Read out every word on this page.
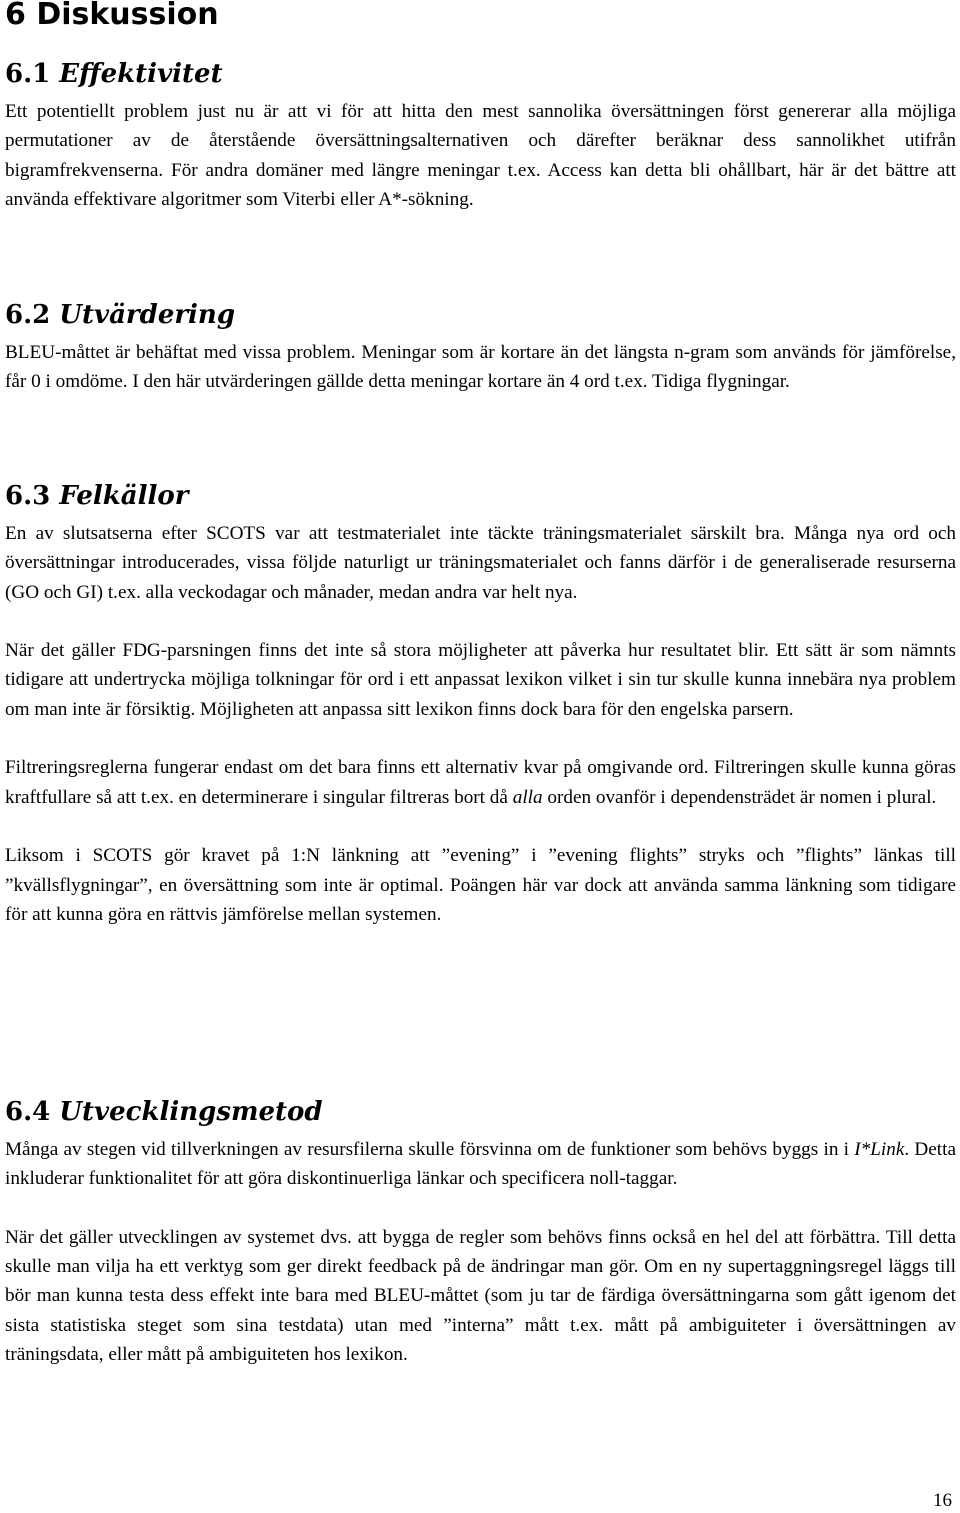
6 Diskussion
6.1 Effektivitet

Ett potentiellt problem just nu är att vi för att hitta den mest sannolika översättningen först genererar alla möjliga permutationer av de återstående översättningsalternativen och därefter beräknar dess sannolikhet utifrån bigramfrekvenserna. För andra domäner med längre meningar t.ex. Access kan detta bli ohållbart, här är det bättre att använda effektivare algoritmer som Viterbi eller A*-sökning.

6.2 Utvärdering

BLEU-måttet är behäftat med vissa problem. Meningar som är kortare än det längsta n-gram som används för jämförelse, får 0 i omdöme. I den här utvärderingen gällde detta meningar kortare än 4 ord t.ex. Tidiga flygningar.

6.3 Felkällor

En av slutsatserna efter SCOTS var att testmaterialet inte täckte träningsmaterialet särskilt bra. Många nya ord och översättningar introducerades, vissa följde naturligt ur träningsmaterialet och fanns därför i de generaliserade resurserna (GO och GI) t.ex. alla veckodagar och månader, medan andra var helt nya.

När det gäller FDG-parsningen finns det inte så stora möjligheter att påverka hur resultatet blir. Ett sätt är som nämnts tidigare att undertrycka möjliga tolkningar för ord i ett anpassat lexikon vilket i sin tur skulle kunna innebära nya problem om man inte är försiktig. Möjligheten att anpassa sitt lexikon finns dock bara för den engelska parsern.

Filtreringsreglerna fungerar endast om det bara finns ett alternativ kvar på omgivande ord. Filtreringen skulle kunna göras kraftfullare så att t.ex. en determinerare i singular filtreras bort då alla orden ovanför i dependensträdet är nomen i plural.

Liksom i SCOTS gör kravet på 1:N länkning att ”evening” i ”evening flights” stryks och ”flights” länkas till ”kvällsflygningar”, en översättning som inte är optimal. Poängen här var dock att använda samma länkning som tidigare för att kunna göra en rättvis jämförelse mellan systemen.

6.4 Utvecklingsmetod

Många av stegen vid tillverkningen av resursfilerna skulle försvinna om de funktioner som behövs byggs in i I*Link. Detta inkluderar funktionalitet för att göra diskontinuerliga länkar och specificera noll-taggar.

När det gäller utvecklingen av systemet dvs. att bygga de regler som behövs finns också en hel del att förbättra. Till detta skulle man vilja ha ett verktyg som ger direkt feedback på de ändringar man gör. Om en ny supertaggningsregel läggs till bör man kunna testa dess effekt inte bara med BLEU-måttet (som ju tar de färdiga översättningarna som gått igenom det sista statistiska steget som sina testdata) utan med ”interna” mått t.ex. mått på ambiguiteter i översättningen av träningsdata, eller mått på ambiguiteten hos lexikon.

16
